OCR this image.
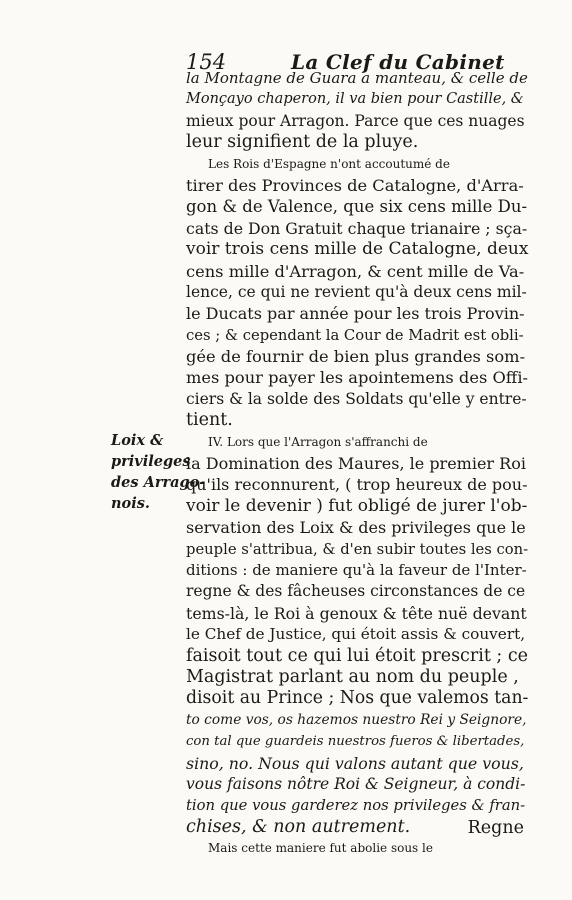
154	La Clef du Cabinet
Loix &
privileges
des Arrago-
nois.
la Montagne de Guara a manteau, & celle de
Monçayo chaperon, il va bien pour Castille, &
mieux pour Arragon. Parce que ces nuages
leur signifient de la pluye.
Les Rois d'Espagne n'ont accoutumé de
tirer des Provinces de Catalogne, d'Arra-
gon & de Valence, que six cens mille Du-
cats de Don Gratuit chaque trianaire ; sça-
voir trois cens mille de Catalogne, deux
cens mille d'Arragon, & cent mille de Va-
lence, ce qui ne revient qu'à deux cens mil-
le Ducats par année pour les trois Provin-
ces ; & cependant la Cour de Madrit est obli-
gée de fournir de bien plus grandes som-
mes pour payer les apointemens des Offi-
ciers & la solde des Soldats qu'elle y entre-
tient.
IV. Lors que l'Arragon s'affranchi de
la Domination des Maures, le premier Roi
qu'ils reconnurent, ( trop heureux de pou-
voir le devenir ) fut obligé de jurer l'ob-
servation des Loix & des privileges que le
peuple s'attribua, & d'en subir toutes les con-
ditions : de maniere qu'à la faveur de l'Inter-
regne & des fâcheuses circonstances de ce
tems-là, le Roi à genoux & tête nuë devant
le Chef de Justice, qui étoit assis & couvert,
faisoit tout ce qui lui étoit prescrit ; ce
Magistrat parlant au nom du peuple ,
disoit au Prince ; Nos que valemos tan-
to come vos, os hazemos nuestro Rei y Seignore,
con tal que guardeis nuestros fueros & libertades,
sino, no. Nous qui valons autant que vous,
vous faisons nôtre Roi & Seigneur, à condi-
tion que vous garderez nos privileges & fran-
chises, & non autrement.
Mais cette maniere fut abolie sous le
Regne
